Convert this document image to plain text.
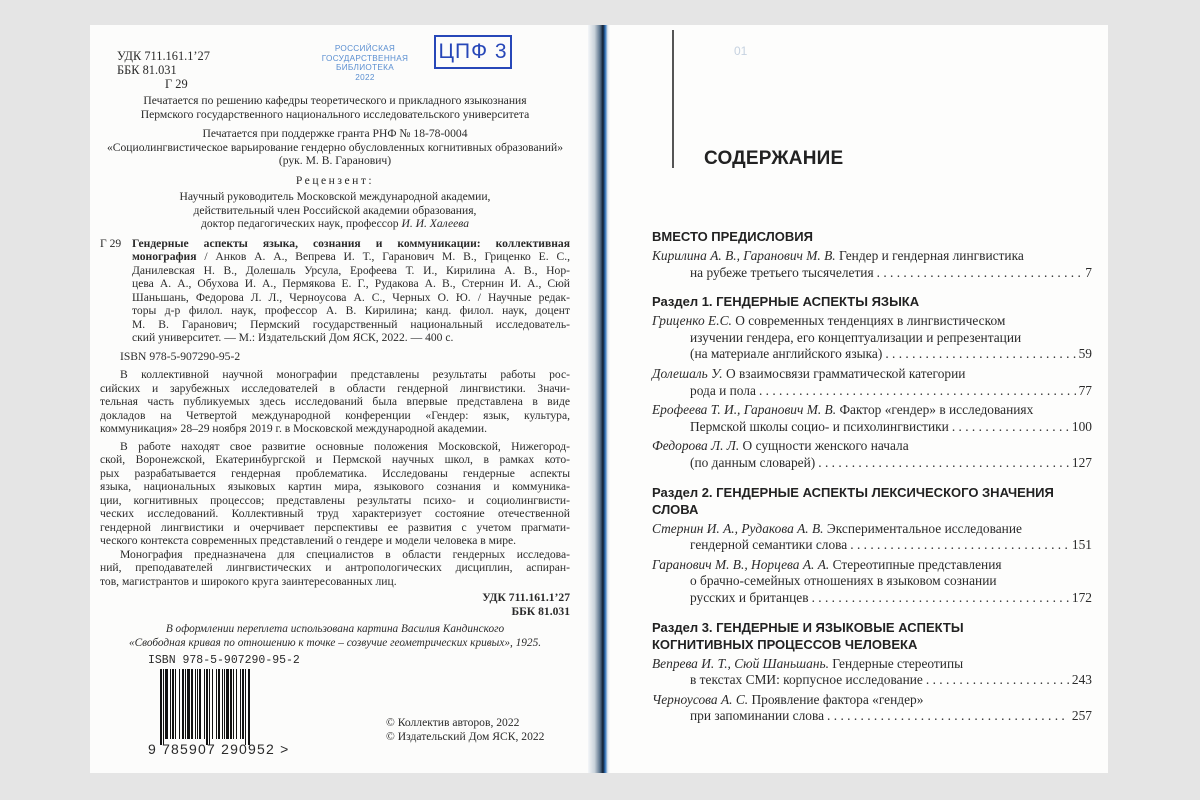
УДК 711.161.1’27
ББК 81.031
Г 29
РОССИЙСКАЯ
ГОСУДАРСТВЕННАЯ
БИБЛИОТЕКА
2022
ЦПФ 3
Печатается по решению кафедры теоретического и прикладного языкознания
Пермского государственного национального исследовательского университета
Печатается при поддержке гранта РНФ № 18-78-0004
«Социолингвистическое варьирование гендерно обусловленных когнитивных образований»
(рук. М. В. Гаранович)
Рецензент:
Научный руководитель Московской международной академии,
действительный член Российской академии образования,
доктор педагогических наук, профессор И. И. Халеева
Г 29 Гендерные аспекты языка, сознания и коммуникации: коллективная
монография / Анков А. А., Вепрева И. Т., Гаранович М. В., Гриценко Е. С.,
Данилевская Н. В., Долешаль Урсула, Ерофеева Т. И., Кирилина А. В., Нор-
цева А. А., Обухова И. А., Пермякова Е. Г., Рудакова А. В., Стернин И. А., Сюй
Шаньшань, Федорова Л. Л., Черноусова А. С., Черных О. Ю. / Научные редак-
торы д-р филол. наук, профессор А. В. Кирилина; канд. филол. наук, доцент
М. В. Гаранович; Пермский государственный национальный исследователь-
ский университет. — М.: Издательский Дом ЯСК, 2022. — 400 с.
ISBN 978-5-907290-95-2
В коллективной научной монографии представлены результаты работы рос-
сийских и зарубежных исследователей в области гендерной лингвистики. Значи-
тельная часть публикуемых здесь исследований была впервые представлена в виде
докладов на Четвертой международной конференции «Гендер: язык, культура,
коммуникация» 28–29 ноября 2019 г. в Московской международной академии.
В работе находят свое развитие основные положения Московской, Нижегород-
ской, Воронежской, Екатеринбургской и Пермской научных школ, в рамках кото-
рых разрабатывается гендерная проблематика. Исследованы гендерные аспекты
языка, национальных языковых картин мира, языкового сознания и коммуника-
ции, когнитивных процессов; представлены результаты психо- и социолингвисти-
ческих исследований. Коллективный труд характеризует состояние отечественной
гендерной лингвистики и очерчивает перспективы ее развития с учетом прагмати-
ческого контекста современных представлений о гендере и модели человека в мире.
Монография предназначена для специалистов в области гендерных исследова-
ний, преподавателей лингвистических и антропологических дисциплин, аспиран-
тов, магистрантов и широкого круга заинтересованных лиц.
УДК 711.161.1’27
ББК 81.031
В оформлении переплета использована картина Василия Кандинского
«Свободная кривая по отношению к точке – созвучие геометрических кривых», 1925.
ISBN 978-5-907290-95-2
9 785907 290952 >
© Коллектив авторов, 2022
© Издательский Дом ЯСК, 2022
01
СОДЕРЖАНИЕ
ВМЕСТО ПРЕДИСЛОВИЯ
Кирилина А. В., Гаранович М. В. Гендер и гендерная лингвистика
на рубеже третьего тысячелетия . . .	7
Раздел 1. ГЕНДЕРНЫЕ АСПЕКТЫ ЯЗЫКА
Гриценко Е.С. О современных тенденциях в лингвистическом
изучении гендера, его концептуализации и репрезентации
(на материале английского языка) . . .	59
Долешаль У. О взаимосвязи грамматической категории
рода и пола . . .	77
Ерофеева Т. И., Гаранович М. В. Фактор «гендер» в исследованиях
Пермской школы социо- и психолингвистики . . .	100
Федорова Л. Л. О сущности женского начала
(по данным словарей) . . .	127
Раздел 2. ГЕНДЕРНЫЕ АСПЕКТЫ ЛЕКСИЧЕСКОГО ЗНАЧЕНИЯ
СЛОВА
Стернин И. А., Рудакова А. В. Экспериментальное исследование
гендерной семантики слова . . .	151
Гаранович М. В., Норцева А. А. Стереотипные представления
о брачно-семейных отношениях в языковом сознании
русских и британцев . . .	172
Раздел 3. ГЕНДЕРНЫЕ И ЯЗЫКОВЫЕ АСПЕКТЫ
КОГНИТИВНЫХ ПРОЦЕССОВ ЧЕЛОВЕКА
Вепрева И. Т., Сюй Шаньшань. Гендерные стереотипы
в текстах СМИ: корпусное исследование . . .	243
Черноусова А. С. Проявление фактора «гендер»
при запоминании слова . . .	257
